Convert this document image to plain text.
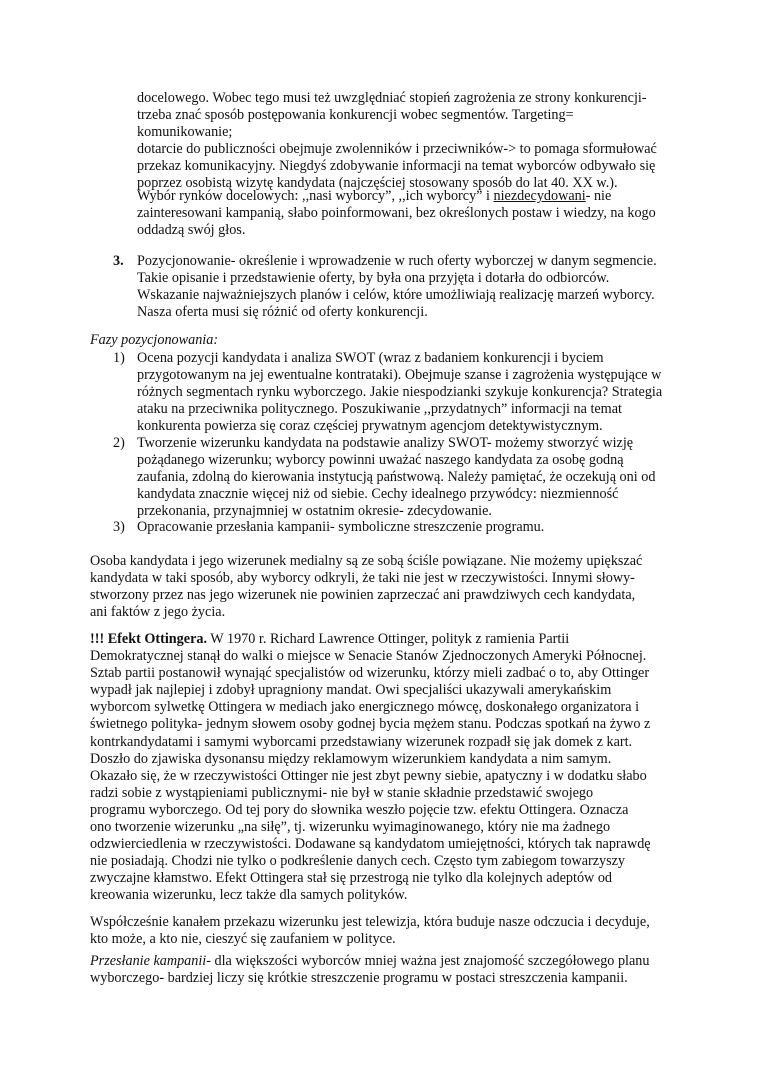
docelowego. Wobec tego musi też uwzględniać stopień zagrożenia ze strony konkurencji-

trzeba znać sposób postępowania konkurencji wobec segmentów. Targeting= komunikowanie;

dotarcie do publiczności obejmuje zwolenników i przeciwników-> to pomaga sformułować

przekaz komunikacyjny. Niegdyś zdobywanie informacji na temat wyborców odbywało się

poprzez osobistą wizytę kandydata (najczęściej stosowany sposób do lat 40. XX w.).

Wybór rynków docelowych: ,,nasi wyborcy”, ,,ich wyborcy” i niezdecydowani- nie

zainteresowani kampanią, słabo poinformowani, bez określonych postaw i wiedzy, na kogo

oddadzą swój głos.

3. Pozycjonowanie- określenie i wprowadzenie w ruch oferty wyborczej w danym segmencie.

Takie opisanie i przedstawienie oferty, by była ona przyjęta i dotarła do odbiorców.

Wskazanie najważniejszych planów i celów, które umożliwiają realizację marzeń wyborcy.

Nasza oferta musi się różnić od oferty konkurencji.

Fazy pozycjonowania:

1) Ocena pozycji kandydata i analiza SWOT (wraz z badaniem konkurencji i byciem

przygotowanym na jej ewentualne kontrataki). Obejmuje szanse i zagrożenia występujące w

różnych segmentach rynku wyborczego. Jakie niespodzianki szykuje konkurencja? Strategia

ataku na przeciwnika politycznego. Poszukiwanie ,,przydatnych” informacji na temat

konkurenta powierza się coraz częściej prywatnym agencjom detektywistycznym.

2) Tworzenie wizerunku kandydata na podstawie analizy SWOT- możemy stworzyć wizję

pożądanego wizerunku; wyborcy powinni uważać naszego kandydata za osobę godną

zaufania, zdolną do kierowania instytucją państwową. Należy pamiętać, że oczekują oni od

kandydata znacznie więcej niż od siebie. Cechy idealnego przywódcy: niezmienność

przekonania, przynajmniej w ostatnim okresie- zdecydowanie.

3) Opracowanie przesłania kampanii- symboliczne streszczenie programu.

Osoba kandydata i jego wizerunek medialny są ze sobą ściśle powiązane. Nie możemy upiększać

kandydata w taki sposób, aby wyborcy odkryli, że taki nie jest w rzeczywistości. Innymi słowy-

stworzony przez nas jego wizerunek nie powinien zaprzeczać ani prawdziwych cech kandydata,

ani faktów z jego życia.

!!! Efekt Ottingera. W 1970 r. Richard Lawrence Ottinger, polityk z ramienia Partii

Demokratycznej stanął do walki o miejsce w Senacie Stanów Zjednoczonych Ameryki Północnej.

Sztab partii postanowił wynająć specjalistów od wizerunku, którzy mieli zadbać o to, aby Ottinger

wypadł jak najlepiej i zdobył upragniony mandat. Owi specjaliści ukazywali amerykańskim

wyborcom sylwetkę Ottingera w mediach jako energicznego mówcę, doskonałego organizatora i

świetnego polityka- jednym słowem osoby godnej bycia mężem stanu. Podczas spotkań na żywo z

kontrkandydatami i samymi wyborcami przedstawiany wizerunek rozpadł się jak domek z kart.

Doszło do zjawiska dysonansu między reklamowym wizerunkiem kandydata a nim samym.

Okazało się, że w rzeczywistości Ottinger nie jest zbyt pewny siebie, apatyczny i w dodatku słabo

radzi sobie z wystąpieniami publicznymi- nie był w stanie składnie przedstawić swojego

programu wyborczego. Od tej pory do słownika weszło pojęcie tzw. efektu Ottingera. Oznacza

ono tworzenie wizerunku „na siłę”, tj. wizerunku wyimaginowanego, który nie ma żadnego

odzwierciedlenia w rzeczywistości. Dodawane są kandydatom umiejętności, których tak naprawdę

nie posiadają. Chodzi nie tylko o podkreślenie danych cech. Często tym zabiegom towarzyszy

zwyczajne kłamstwo. Efekt Ottingera stał się przestrogą nie tylko dla kolejnych adeptów od

kreowania wizerunku, lecz także dla samych polityków.

Współcześnie kanałem przekazu wizerunku jest telewizja, która buduje nasze odczucia i decyduje,

kto może, a kto nie, cieszyć się zaufaniem w polityce.

Przesłanie kampanii- dla większości wyborców mniej ważna jest znajomość szczegółowego planu

wyborczego- bardziej liczy się krótkie streszczenie programu w postaci streszczenia kampanii.
